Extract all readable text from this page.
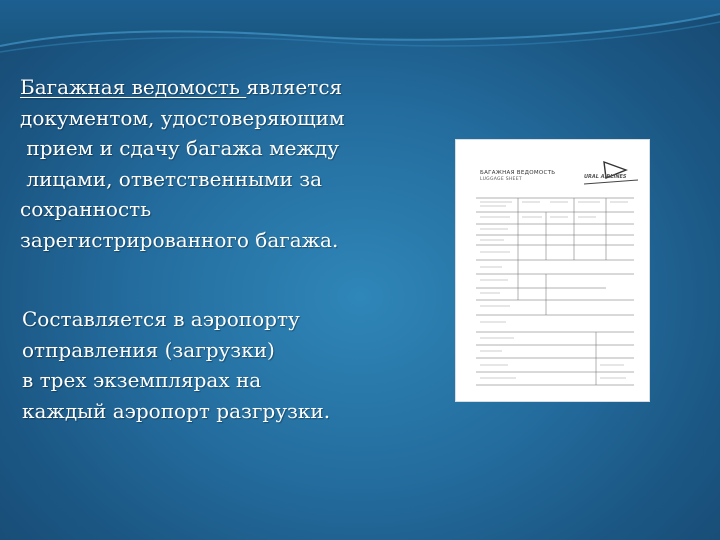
Багажная ведомость является
документом, удостоверяющим
прием и сдачу багажа между
лицами, ответственными за
сохранность
зарегистрированного багажа.
Составляется в аэропорту
отправления (загрузки)
в трех экземплярах на
каждый аэропорт разгрузки.
БАГАЖНАЯ ВЕДОМОСТЬ
LUGGAGE SHEET	URAL AIRLINES
